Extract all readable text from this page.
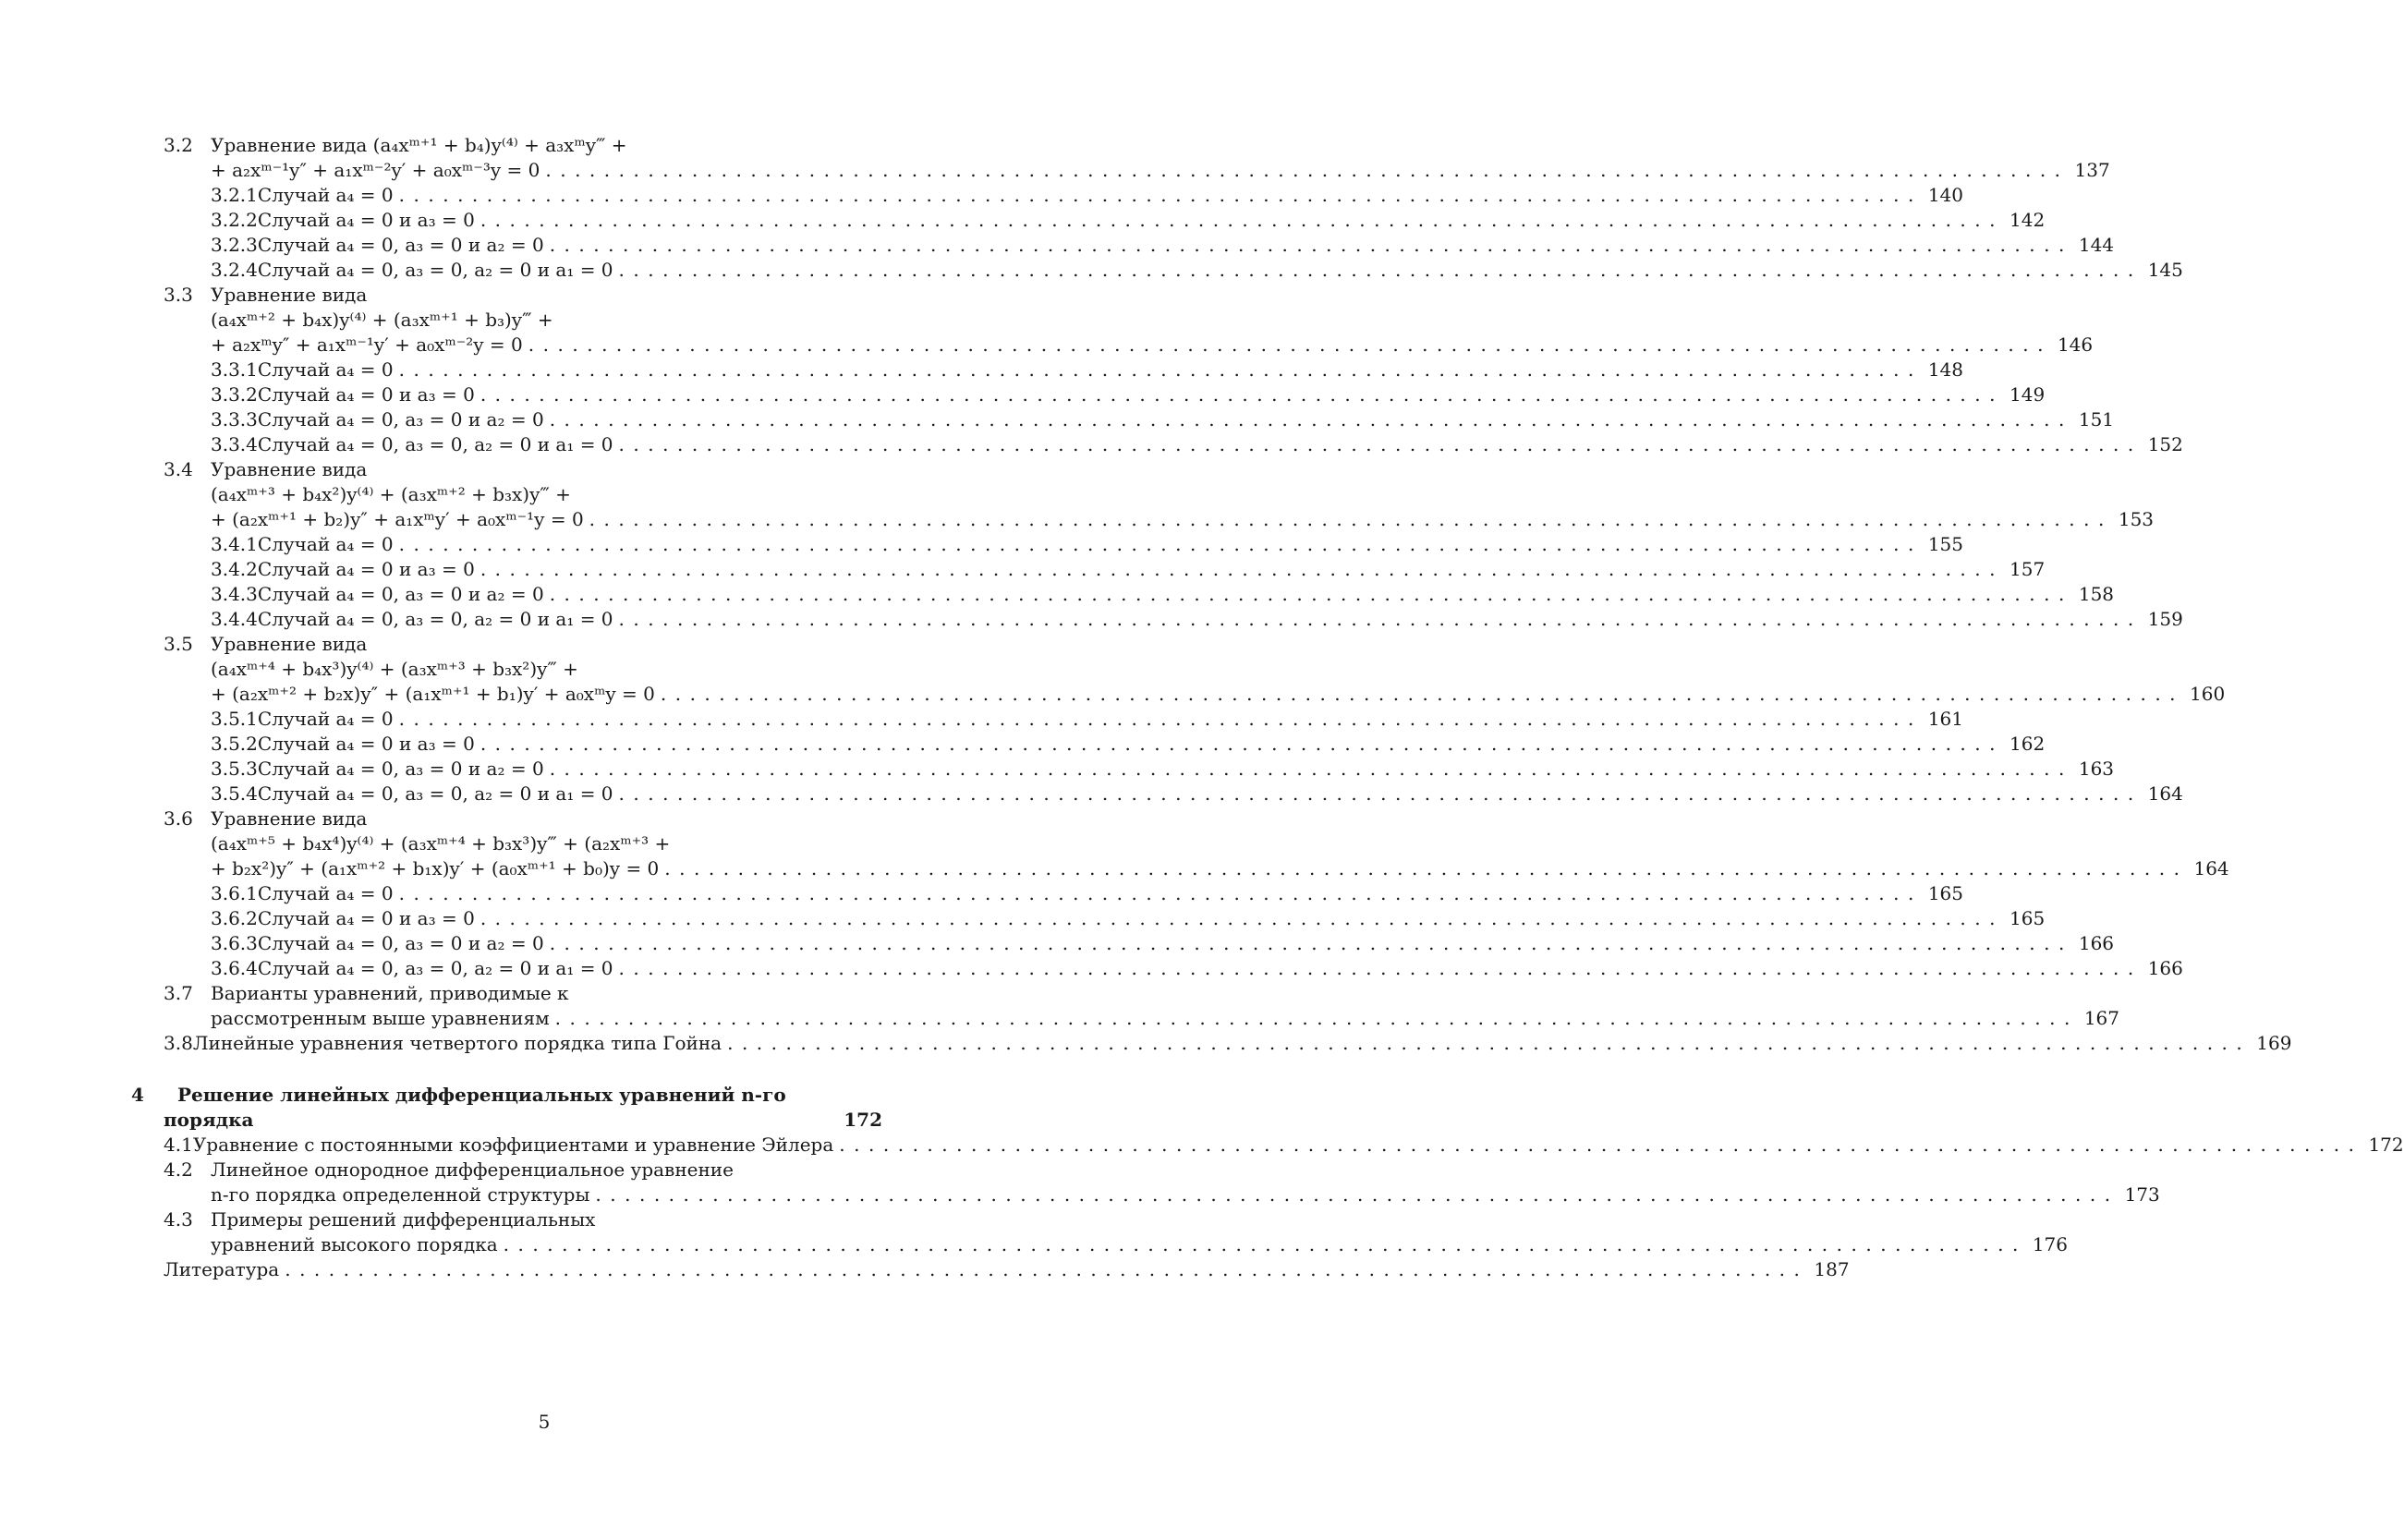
3.2 Уравнение вида (a₄xᵐ⁺¹ + b₄)y⁽⁴⁾ + a₃xᵐy‴ +
+ a₂xᵐ⁻¹y″ + a₁xᵐ⁻²y′ + a₀xᵐ⁻³y = 0 ........................................................................................................ 137
3.2.1 Случай a₄ = 0 ........................................................................................................ 140
3.2.2 Случай a₄ = 0 и a₃ = 0 ........................................................................................................ 142
3.2.3 Случай a₄ = 0, a₃ = 0 и a₂ = 0 ........................................................................................................ 144
3.2.4 Случай a₄ = 0, a₃ = 0, a₂ = 0 и a₁ = 0 ........................................................................................................ 145
3.3 Уравнение вида
(a₄xᵐ⁺² + b₄x)y⁽⁴⁾ + (a₃xᵐ⁺¹ + b₃)y‴ +
+ a₂xᵐy″ + a₁xᵐ⁻¹y′ + a₀xᵐ⁻²y = 0 ........................................................................................................ 146
3.3.1 Случай a₄ = 0 ........................................................................................................ 148
3.3.2 Случай a₄ = 0 и a₃ = 0 ........................................................................................................ 149
3.3.3 Случай a₄ = 0, a₃ = 0 и a₂ = 0 ........................................................................................................ 151
3.3.4 Случай a₄ = 0, a₃ = 0, a₂ = 0 и a₁ = 0 ........................................................................................................ 152
3.4 Уравнение вида
(a₄xᵐ⁺³ + b₄x²)y⁽⁴⁾ + (a₃xᵐ⁺² + b₃x)y‴ +
+ (a₂xᵐ⁺¹ + b₂)y″ + a₁xᵐy′ + a₀xᵐ⁻¹y = 0 ........................................................................................................ 153
3.4.1 Случай a₄ = 0 ........................................................................................................ 155
3.4.2 Случай a₄ = 0 и a₃ = 0 ........................................................................................................ 157
3.4.3 Случай a₄ = 0, a₃ = 0 и a₂ = 0 ........................................................................................................ 158
3.4.4 Случай a₄ = 0, a₃ = 0, a₂ = 0 и a₁ = 0 ........................................................................................................ 159
3.5 Уравнение вида
(a₄xᵐ⁺⁴ + b₄x³)y⁽⁴⁾ + (a₃xᵐ⁺³ + b₃x²)y‴ +
+ (a₂xᵐ⁺² + b₂x)y″ + (a₁xᵐ⁺¹ + b₁)y′ + a₀xᵐy = 0 ........................................................................................................ 160
3.5.1 Случай a₄ = 0 ........................................................................................................ 161
3.5.2 Случай a₄ = 0 и a₃ = 0 ........................................................................................................ 162
3.5.3 Случай a₄ = 0, a₃ = 0 и a₂ = 0 ........................................................................................................ 163
3.5.4 Случай a₄ = 0, a₃ = 0, a₂ = 0 и a₁ = 0 ........................................................................................................ 164
3.6 Уравнение вида
(a₄xᵐ⁺⁵ + b₄x⁴)y⁽⁴⁾ + (a₃xᵐ⁺⁴ + b₃x³)y‴ + (a₂xᵐ⁺³ +
+ b₂x²)y″ + (a₁xᵐ⁺² + b₁x)y′ + (a₀xᵐ⁺¹ + b₀)y = 0 ........................................................................................................ 164
3.6.1 Случай a₄ = 0 ........................................................................................................ 165
3.6.2 Случай a₄ = 0 и a₃ = 0 ........................................................................................................ 165
3.6.3 Случай a₄ = 0, a₃ = 0 и a₂ = 0 ........................................................................................................ 166
3.6.4 Случай a₄ = 0, a₃ = 0, a₂ = 0 и a₁ = 0 ........................................................................................................ 166
3.7 Варианты уравнений, приводимые к
рассмотренным выше уравнениям ........................................................................................................ 167
3.8 Линейные уравнения четвертого порядка типа Гойна ........................................................................................................ 169
4	Решение линейных дифференциальных уравнений n-го
порядка	172
4.1 Уравнение с постоянными коэффициентами и уравнение Эйлера ........................................................................................................ 172
4.2 Линейное однородное дифференциальное уравнение
n-го порядка определенной структуры ........................................................................................................ 173
4.3 Примеры решений дифференциальных
уравнений высокого порядка ........................................................................................................ 176
Литература ........................................................................................................ 187
5
